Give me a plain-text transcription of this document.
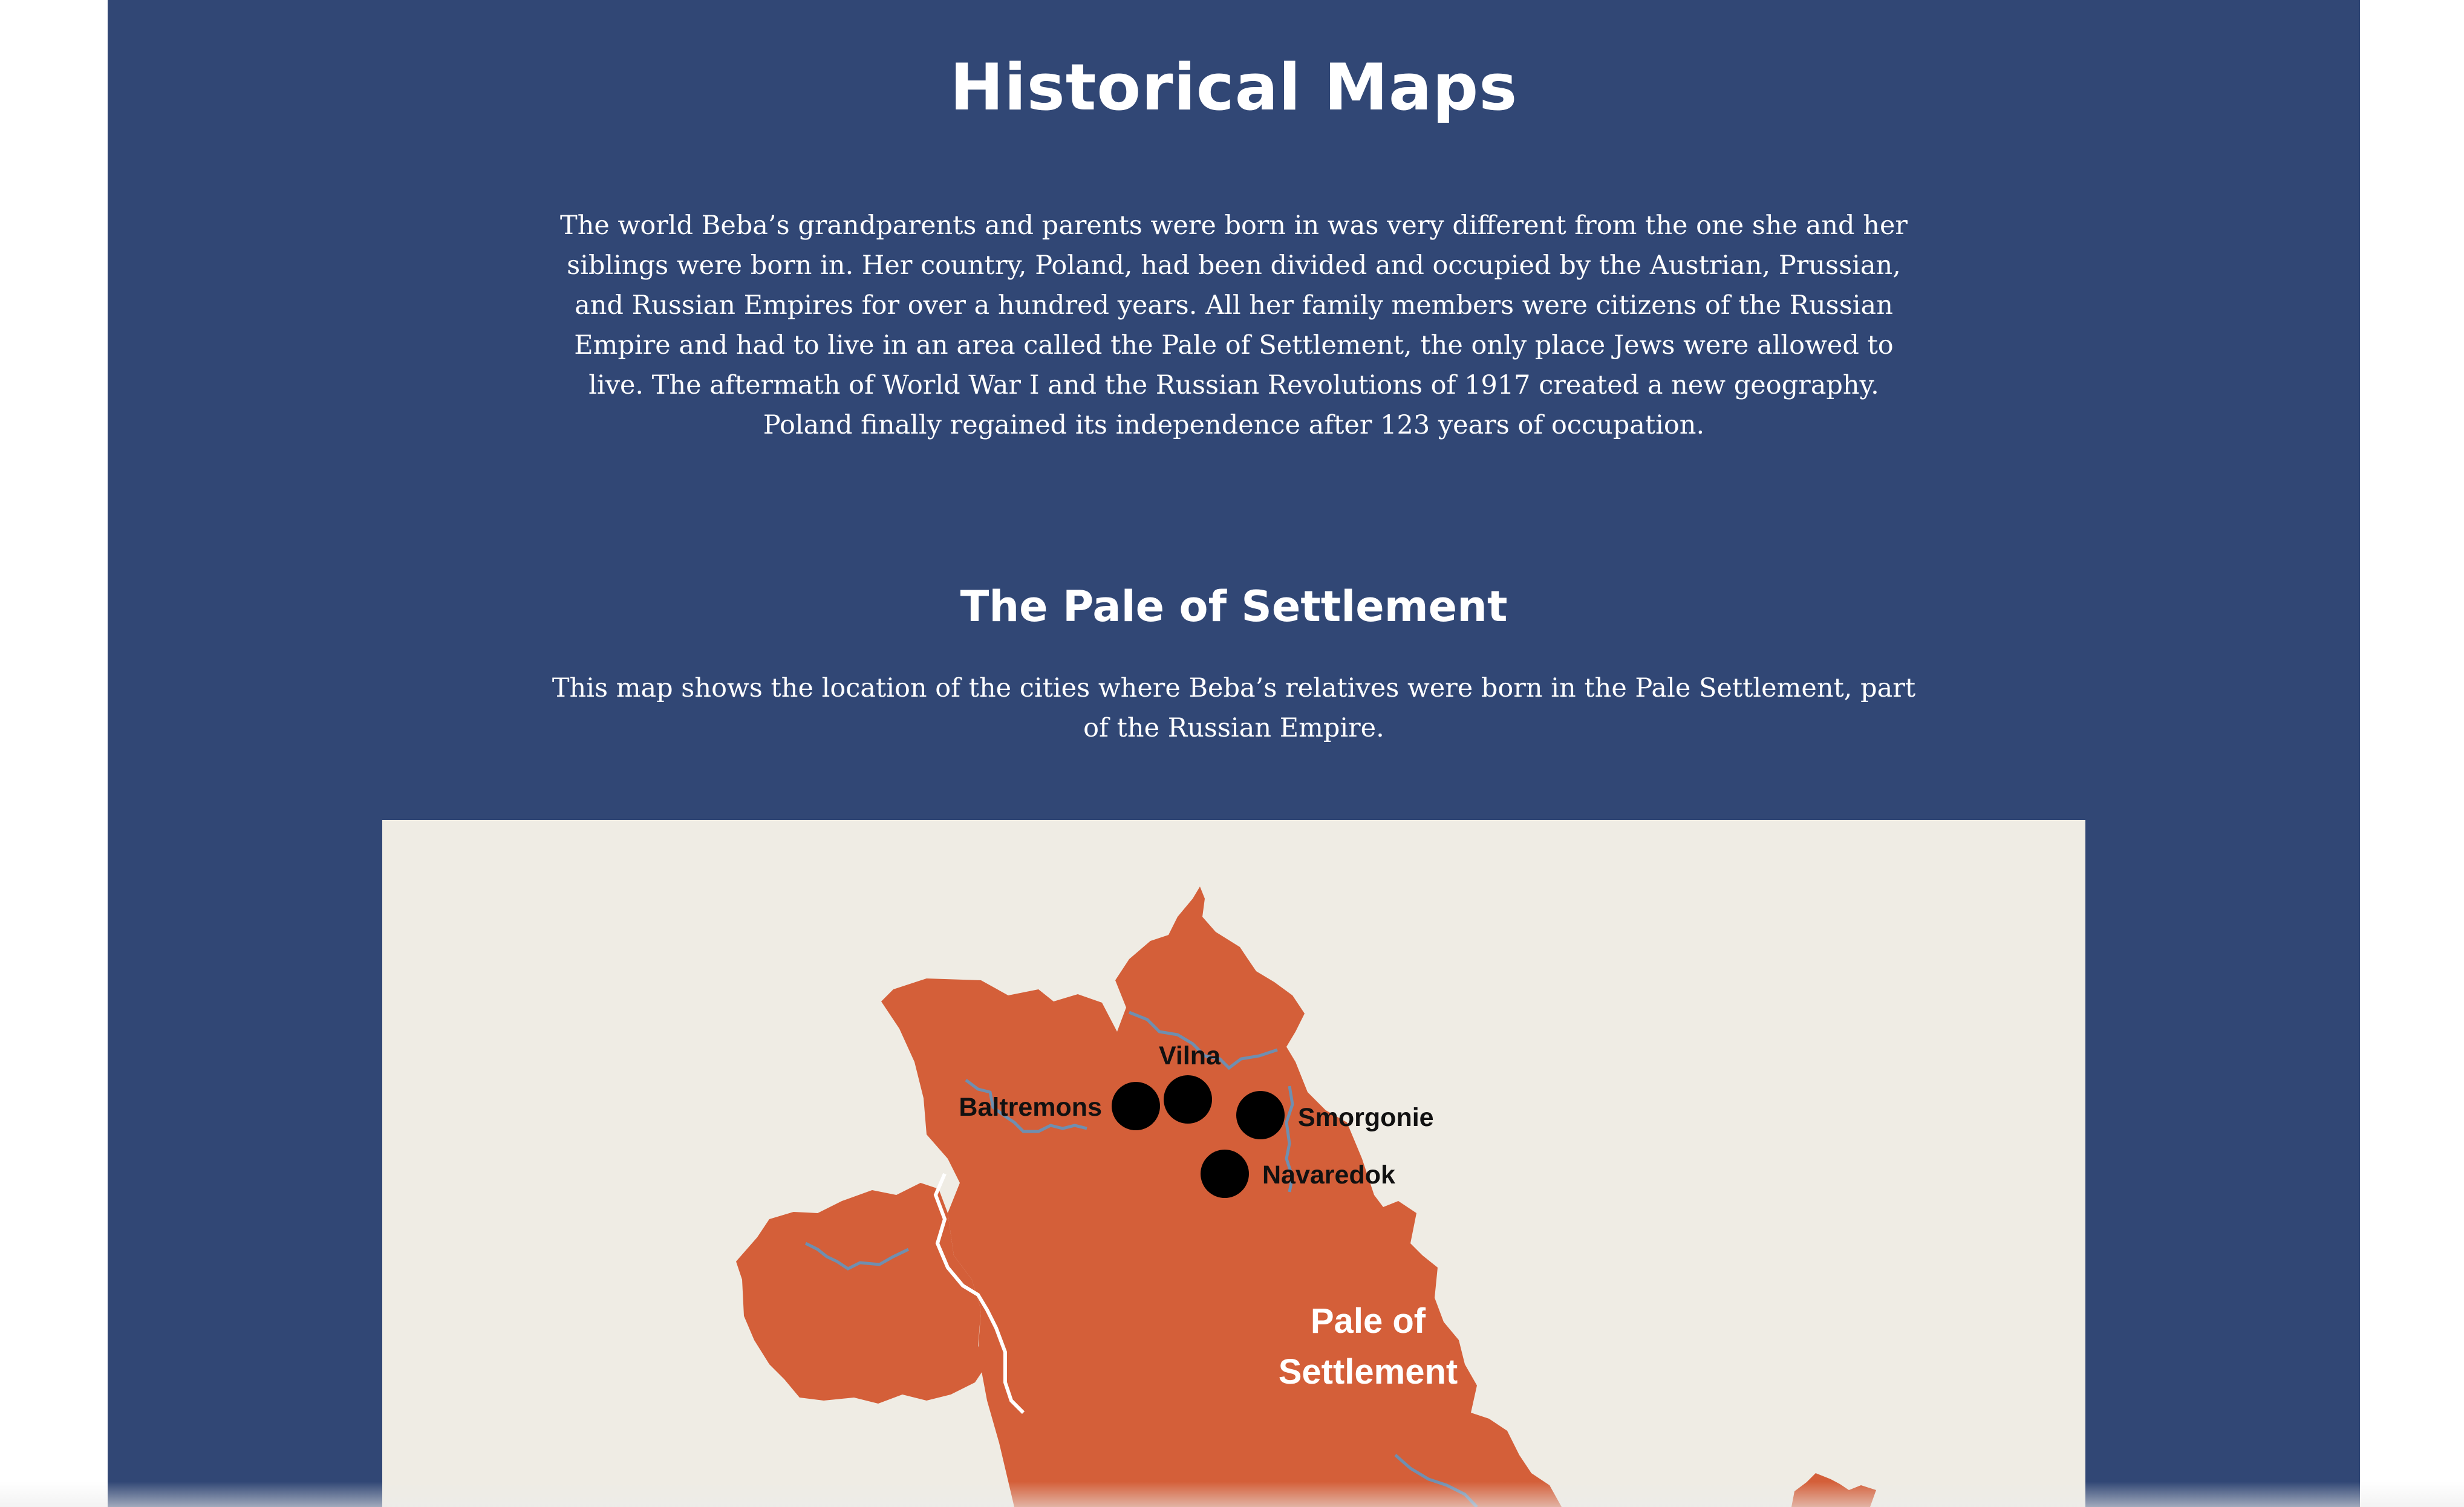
Historical Maps

The world Beba’s grandparents and parents were born in was very different from the one she and her siblings were born in. Her country, Poland, had been divided and occupied by the Austrian, Prussian, and Russian Empires for over a hundred years. All her family members were citizens of the Russian Empire and had to live in an area called the Pale of Settlement, the only place Jews were allowed to live. The aftermath of World War I and the Russian Revolutions of 1917 created a new geography. Poland finally regained its independence after 123 years of occupation.

The Pale of Settlement

This map shows the location of the cities where Beba’s relatives were born in the Pale Settlement, part of the Russian Empire.

Vilna
Baltremons	Smorgonie
Navaredok
Pale of
Settlement
